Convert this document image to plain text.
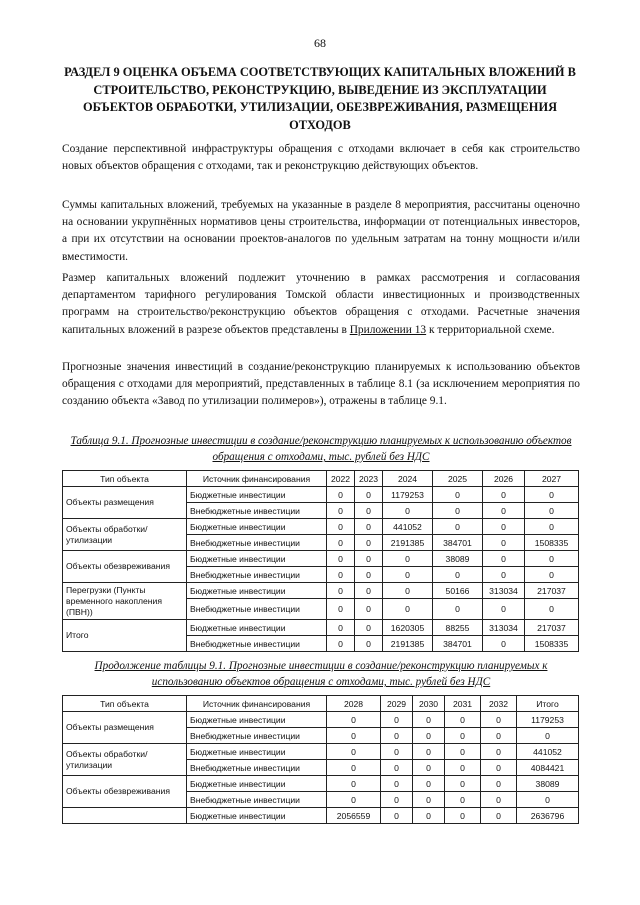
68
РАЗДЕЛ 9 ОЦЕНКА ОБЪЕМА СООТВЕТСТВУЮЩИХ КАПИТАЛЬНЫХ ВЛОЖЕНИЙ В СТРОИТЕЛЬСТВО, РЕКОНСТРУКЦИЮ, ВЫВЕДЕНИЕ ИЗ ЭКСПЛУАТАЦИИ ОБЪЕКТОВ ОБРАБОТКИ, УТИЛИЗАЦИИ, ОБЕЗВРЕЖИВАНИЯ, РАЗМЕЩЕНИЯ ОТХОДОВ

Создание перспективной инфраструктуры обращения с отходами включает в себя как строительство новых объектов обращения с отходами, так и реконструкцию действующих объектов.

Суммы капитальных вложений, требуемых на указанные в разделе 8 мероприятия, рассчитаны оценочно на основании укрупнённых нормативов цены строительства, информации от потенциальных инвесторов, а при их отсутствии на основании проектов-аналогов по удельным затратам на тонну мощности и/или вместимости.

Размер капитальных вложений подлежит уточнению в рамках рассмотрения и согласования департаментом тарифного регулирования Томской области инвестиционных и производственных программ на строительство/реконструкцию объектов обращения с отходами. Расчетные значения капитальных вложений в разрезе объектов представлены в Приложении 13 к территориальной схеме.

Прогнозные значения инвестиций в создание/реконструкцию планируемых к использованию объектов обращения с отходами для мероприятий, представленных в таблице 8.1 (за исключением мероприятия по созданию объекта «Завод по утилизации полимеров»), отражены в таблице 9.1.

Таблица 9.1. Прогнозные инвестиции в создание/реконструкцию планируемых к использованию объектов обращения с отходами, тыс. рублей без НДС
Тип объекта	Источник финансирования	2022	2023	2024	2025	2026	2027
Объекты размещения	Бюджетные инвестиции	0	0	1179253	0	0	0
	Внебюджетные инвестиции	0	0	0	0	0	0
Объекты обработки/ утилизации	Бюджетные инвестиции	0	0	441052	0	0	0
	Внебюджетные инвестиции	0	0	2191385	384701	0	1508335
Объекты обезвреживания	Бюджетные инвестиции	0	0	0	38089	0	0
	Внебюджетные инвестиции	0	0	0	0	0	0
Перегрузки (Пункты временного накопления (ПВН))	Бюджетные инвестиции	0	0	0	50166	313034	217037
	Внебюджетные инвестиции	0	0	0	0	0	0
Итого	Бюджетные инвестиции	0	0	1620305	88255	313034	217037
	Внебюджетные инвестиции	0	0	2191385	384701	0	1508335
Продолжение таблицы 9.1. Прогнозные инвестиции в создание/реконструкцию планируемых к использованию объектов обращения с отходами, тыс. рублей без НДС
Тип объекта	Источник финансирования	2028	2029	2030	2031	2032	Итого
Объекты размещения	Бюджетные инвестиции	0	0	0	0	0	1179253
	Внебюджетные инвестиции	0	0	0	0	0	0
Объекты обработки/ утилизации	Бюджетные инвестиции	0	0	0	0	0	441052
	Внебюджетные инвестиции	0	0	0	0	0	4084421
Объекты обезвреживания	Бюджетные инвестиции	0	0	0	0	0	38089
	Внебюджетные инвестиции	0	0	0	0	0	0
	Бюджетные инвестиции	2056559	0	0	0	0	2636796
